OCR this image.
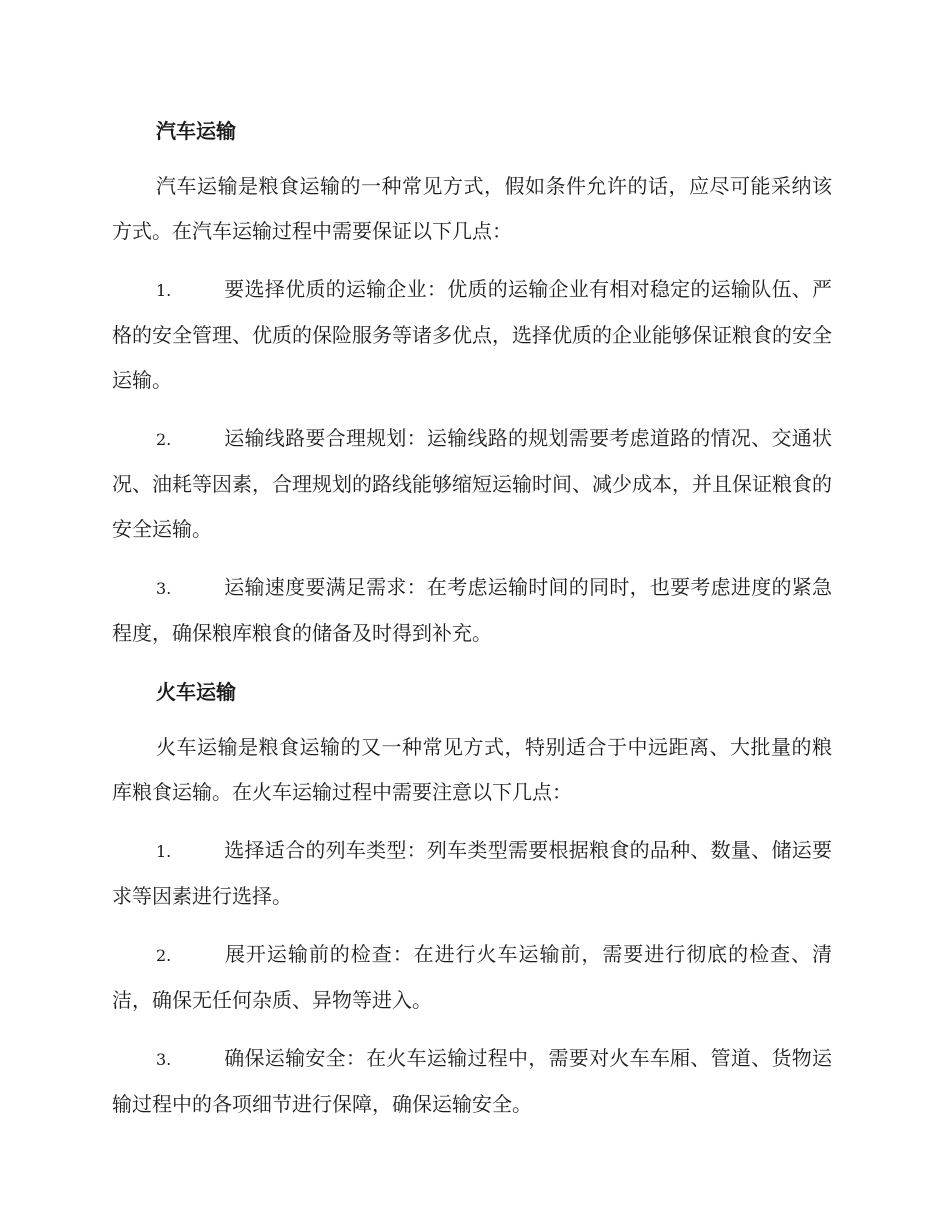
汽车运输

汽车运输是粮食运输的一种常见方式，假如条件允许的话，应尽可能采纳该方式。在汽车运输过程中需要保证以下几点：

1.	要选择优质的运输企业：优质的运输企业有相对稳定的运输队伍、严格的安全管理、优质的保险服务等诸多优点，选择优质的企业能够保证粮食的安全运输。

2.	运输线路要合理规划：运输线路的规划需要考虑道路的情况、交通状况、油耗等因素，合理规划的路线能够缩短运输时间、减少成本，并且保证粮食的安全运输。

3.	运输速度要满足需求：在考虑运输时间的同时，也要考虑进度的紧急程度，确保粮库粮食的储备及时得到补充。

火车运输

火车运输是粮食运输的又一种常见方式，特别适合于中远距离、大批量的粮库粮食运输。在火车运输过程中需要注意以下几点：

1.	选择适合的列车类型：列车类型需要根据粮食的品种、数量、储运要求等因素进行选择。

2.	展开运输前的检查：在进行火车运输前，需要进行彻底的检查、清洁，确保无任何杂质、异物等进入。

3.	确保运输安全：在火车运输过程中，需要对火车车厢、管道、货物运输过程中的各项细节进行保障，确保运输安全。
